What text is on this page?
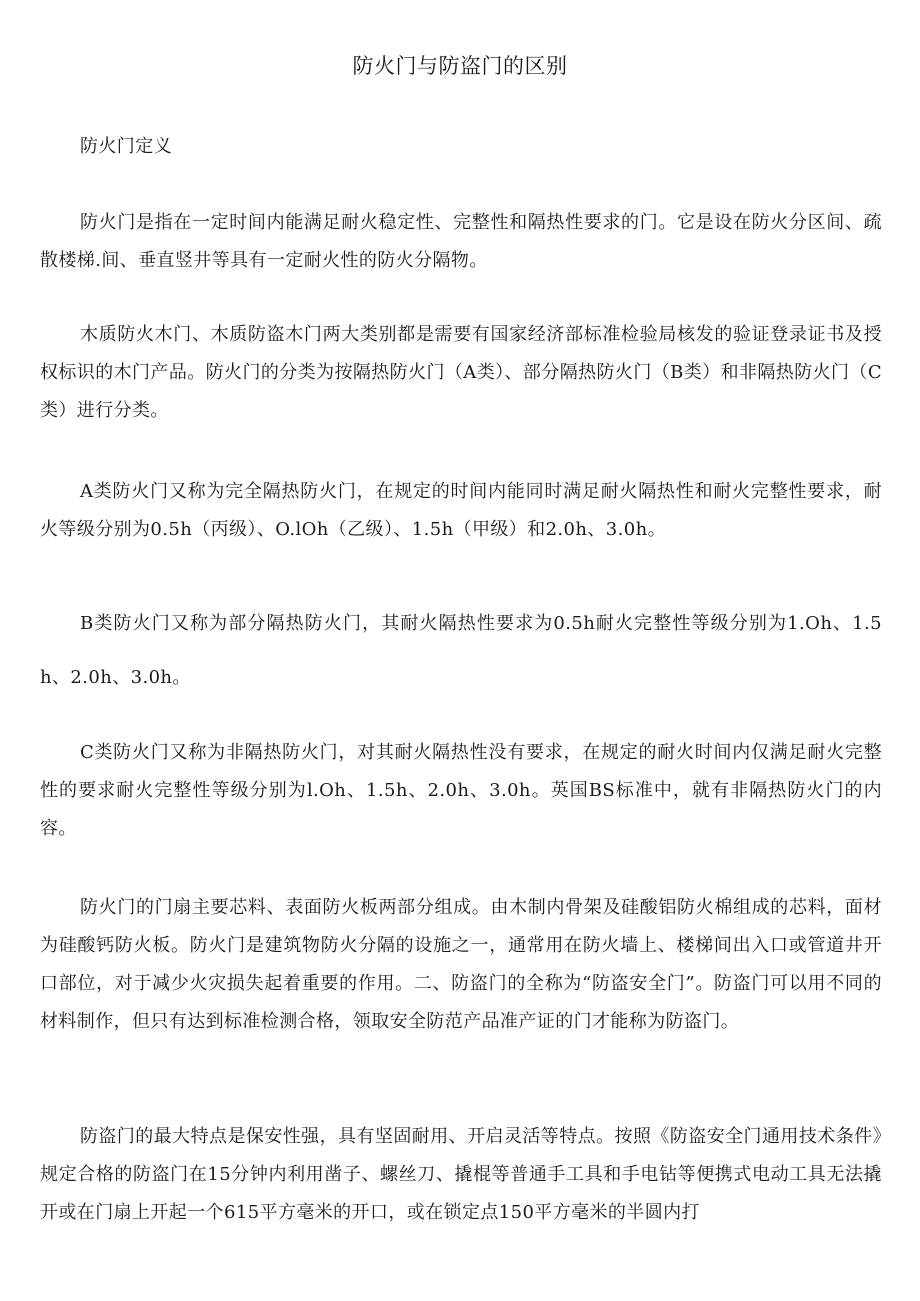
防火门与防盗门的区别
防火门定义
防火门是指在一定时间内能满足耐火稳定性、完整性和隔热性要求的门。它是设在防火分区间、疏散楼梯.间、垂直竖井等具有一定耐火性的防火分隔物。
木质防火木门、木质防盗木门两大类别都是需要有国家经济部标准检验局核发的验证登录证书及授权标识的木门产品。防火门的分类为按隔热防火门（A类）、部分隔热防火门（B类）和非隔热防火门（C类）进行分类。
A类防火门又称为完全隔热防火门，在规定的时间内能同时满足耐火隔热性和耐火完整性要求，耐火等级分别为0.5h（丙级）、O.lOh（乙级）、1.5h（甲级）和2.0h、3.0h。
B类防火门又称为部分隔热防火门，其耐火隔热性要求为0.5h耐火完整性等级分别为1.Oh、1.5h、2.0h、3.0h。
C类防火门又称为非隔热防火门，对其耐火隔热性没有要求，在规定的耐火时间内仅满足耐火完整性的要求耐火完整性等级分别为l.Oh、1.5h、2.0h、3.0h。英国BS标准中，就有非隔热防火门的内容。
防火门的门扇主要芯料、表面防火板两部分组成。由木制内骨架及硅酸铝防火棉组成的芯料，面材为硅酸钙防火板。防火门是建筑物防火分隔的设施之一，通常用在防火墙上、楼梯间出入口或管道井开口部位，对于减少火灾损失起着重要的作用。二、防盗门的全称为“防盗安全门”。防盗门可以用不同的材料制作，但只有达到标准检测合格，领取安全防范产品准产证的门才能称为防盗门。
防盗门的最大特点是保安性强，具有坚固耐用、开启灵活等特点。按照《防盗安全门通用技术条件》规定合格的防盗门在15分钟内利用凿子、螺丝刀、撬棍等普通手工具和手电钻等便携式电动工具无法撬开或在门扇上开起一个615平方毫米的开口，或在锁定点150平方毫米的半圆内打
